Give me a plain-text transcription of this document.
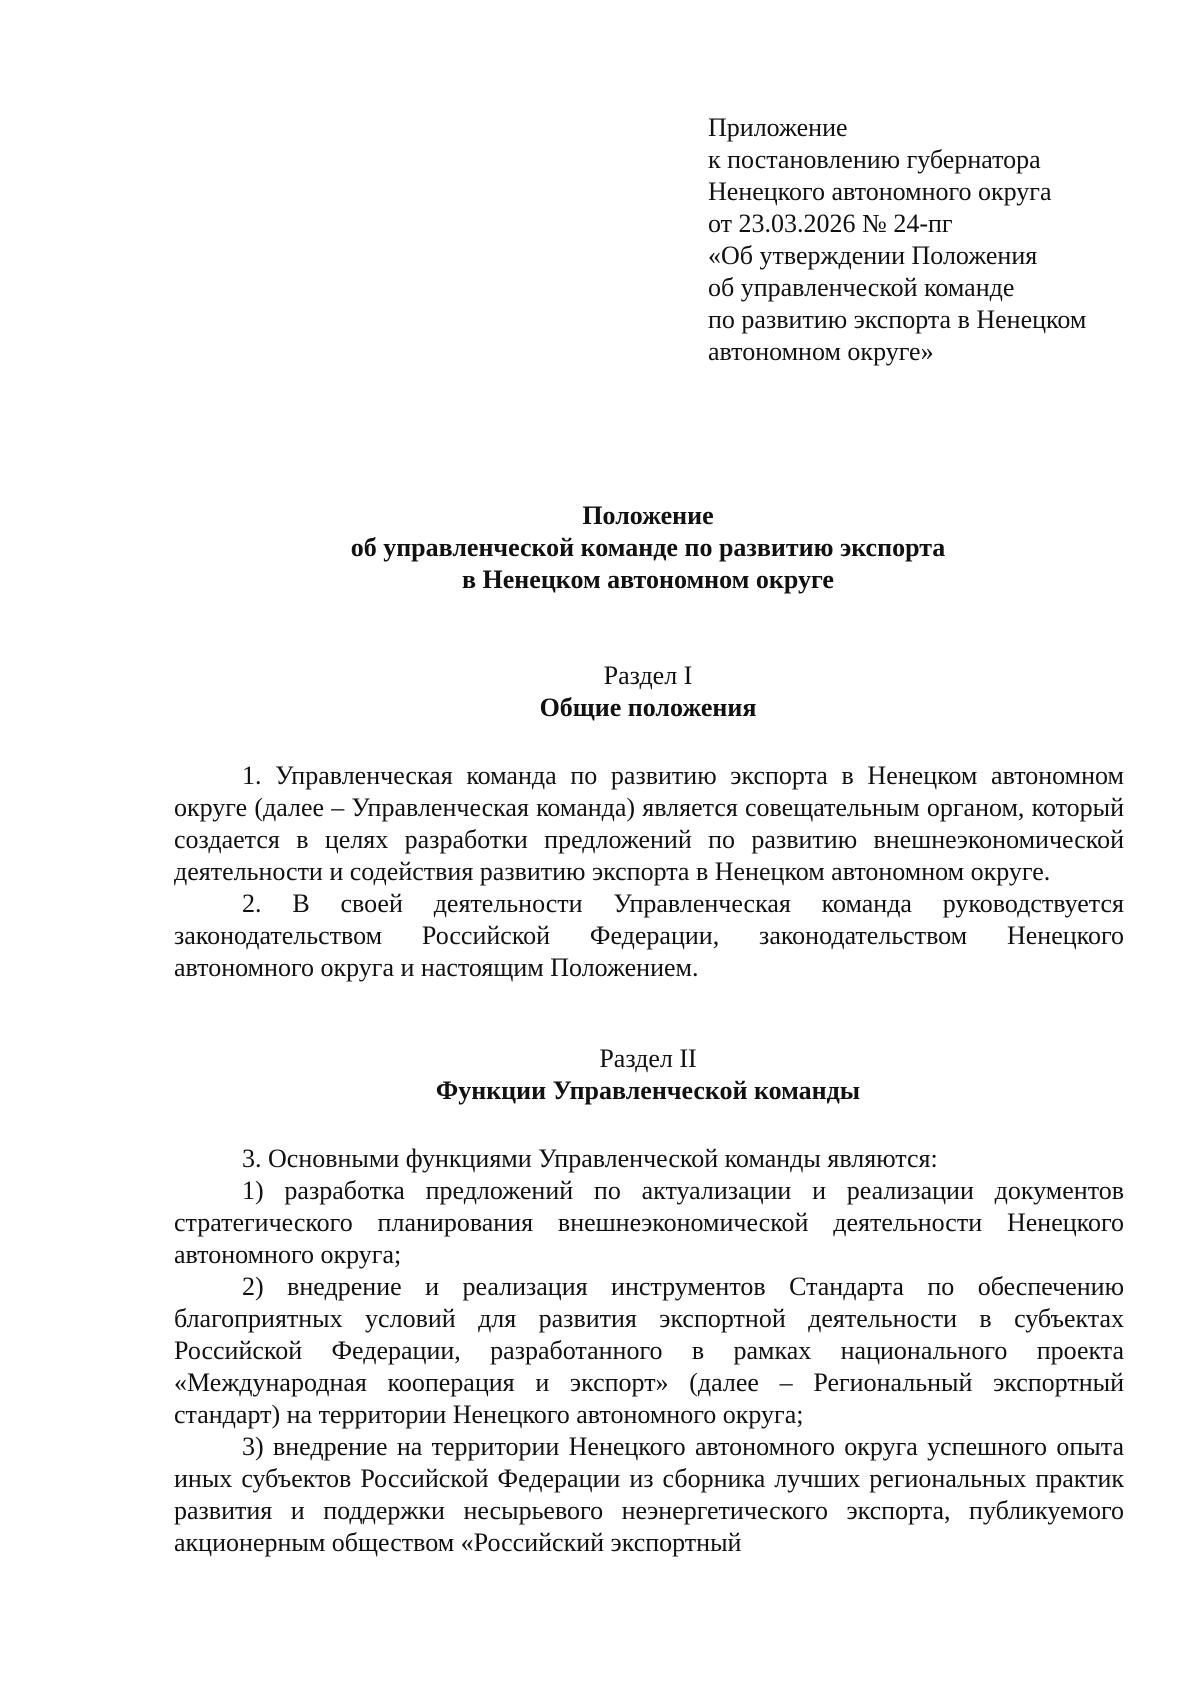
Приложение
к постановлению губернатора
Ненецкого автономного округа
от 23.03.2026 № 24-пг
«Об утверждении Положения
об управленческой команде
по развитию экспорта в Ненецком
автономном округе»
Положение
об управленческой команде по развитию экспорта
в Ненецком автономном округе
Раздел I
Общие положения

1. Управленческая команда по развитию экспорта в Ненецком автономном округе (далее – Управленческая команда) является совещательным органом, который создается в целях разработки предложений по развитию внешнеэкономической деятельности и содействия развитию экспорта в Ненецком автономном округе.

2. В своей деятельности Управленческая команда руководствуется законодательством Российской Федерации, законодательством Ненецкого автономного округа и настоящим Положением.

Раздел II
Функции Управленческой команды

3. Основными функциями Управленческой команды являются:

1) разработка предложений по актуализации и реализации документов стратегического планирования внешнеэкономической деятельности Ненецкого автономного округа;

2) внедрение и реализация инструментов Стандарта по обеспечению благоприятных условий для развития экспортной деятельности в субъектах Российской Федерации, разработанного в рамках национального проекта «Международная кооперация и экспорт» (далее – Региональный экспортный стандарт) на территории Ненецкого автономного округа;

3) внедрение на территории Ненецкого автономного округа успешного опыта иных субъектов Российской Федерации из сборника лучших региональных практик развития и поддержки несырьевого неэнергетического экспорта, публикуемого акционерным обществом «Российский экспортный
